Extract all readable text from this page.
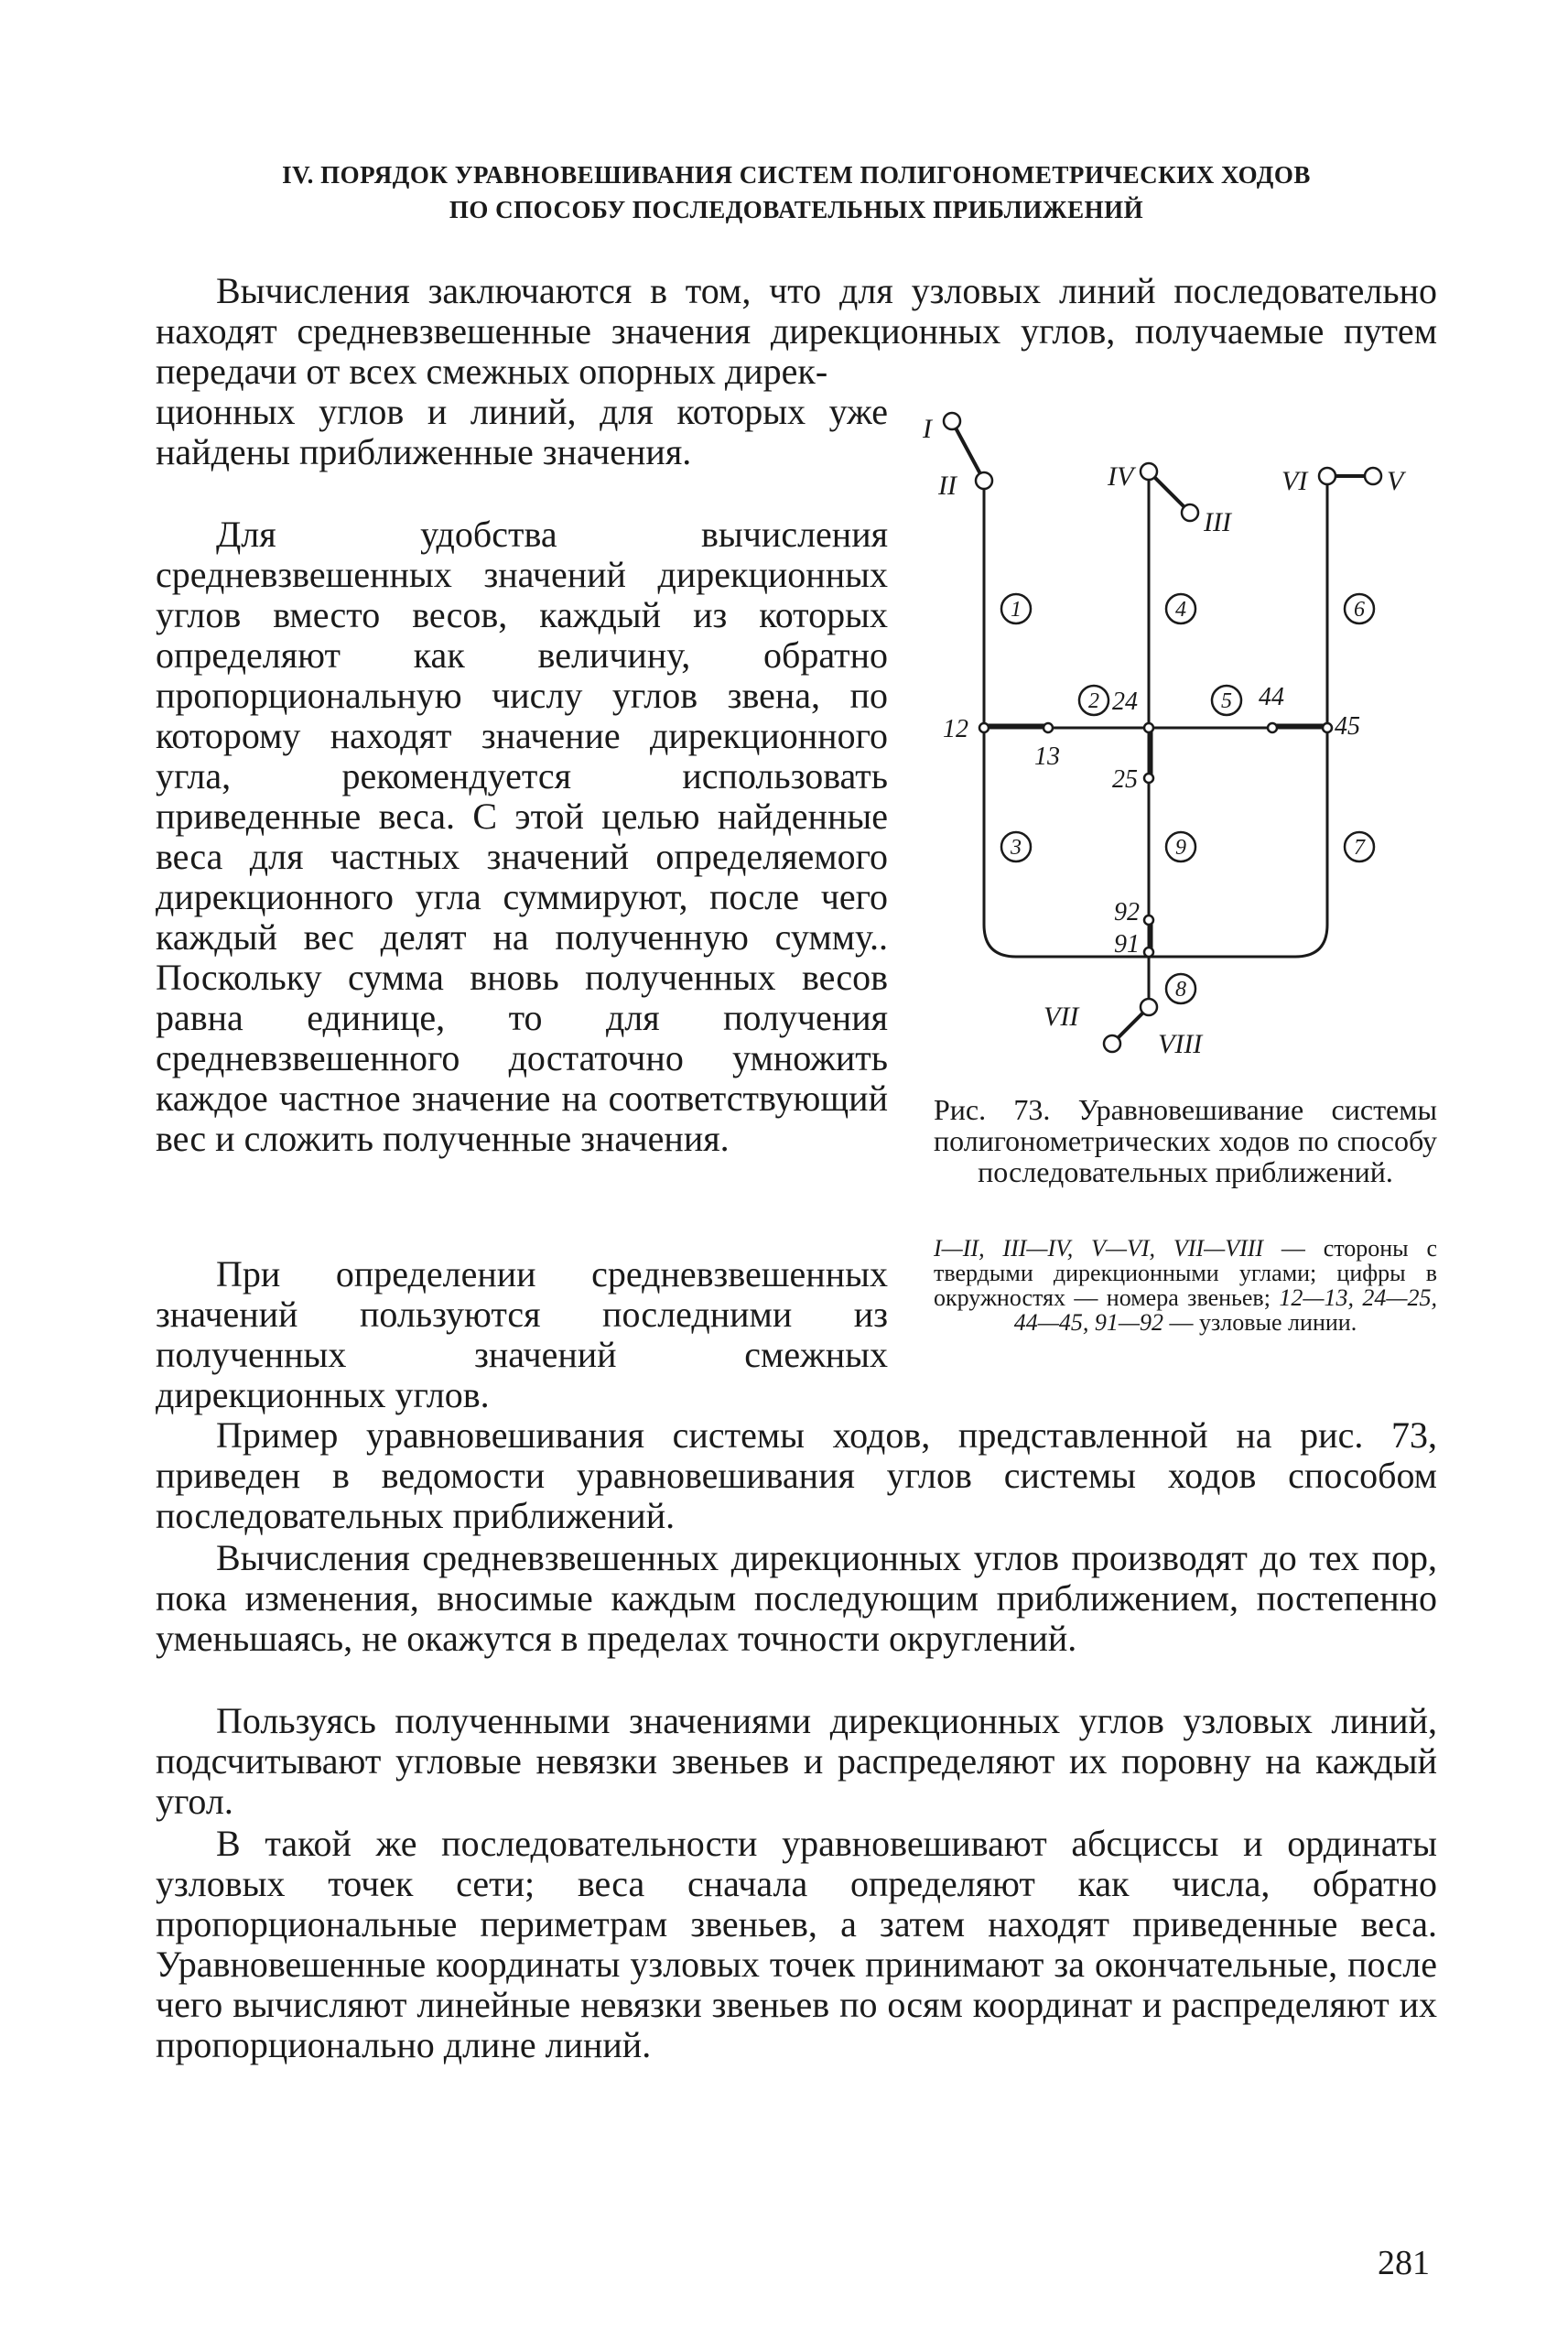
IV. ПОРЯДОК УРАВНОВЕШИВАНИЯ СИСТЕМ ПОЛИГОНОМЕТРИЧЕСКИХ ХОДОВ
ПО СПОСОБУ ПОСЛЕДОВАТЕЛЬНЫХ ПРИБЛИЖЕНИЙ

Вычисления заключаются в том, что для узловых линий последовательно находят средневзвешенные значения дирекционных углов, получаемые путем передачи от всех смежных опорных дирек-

ционных углов и линий, для которых уже найдены приближенные значения.

Для удобства вычисления средневзвешенных значений дирекционных углов вместо весов, каждый из которых определяют как величину, обратно пропорциональную числу углов звена, по которому находят значение дирекционного угла, рекомендуется использовать приведенные веса. С этой целью найденные веса для частных значений определяемого дирекционного угла суммируют, после чего каждый вес делят на полученную сумму.. Поскольку сумма вновь полученных весов равна единице, то для получения средневзвешенного достаточно умножить каждое частное значение на соответствующий вес и сложить полученные значения.

При определении средневзвешенных значений пользуются последними из полученных значений смежных дирекционных углов.

Пример уравновешивания системы ходов, представленной на рис. 73, приведен в ведомости уравновешивания углов системы ходов способом последовательных приближений.

Вычисления средневзвешенных дирекционных углов производят до тех пор, пока изменения, вносимые каждым последующим приближением, постепенно уменьшаясь, не окажутся в пределах точности округлений.

Пользуясь полученными значениями дирекционных углов узловых линий, подсчитывают угловые невязки звеньев и распределяют их поровну на каждый угол.

В такой же последовательности уравновешивают абсциссы и ординаты узловых точек сети; веса сначала определяют как числа, обратно пропорциональные периметрам звеньев, а затем находят приведенные веса. Уравновешенные координаты узловых точек принимают за окончательные, после чего вычисляют линейные невязки звеньев по осям координат и распределяют их пропорционально длине линий.

1	4	6
2	5
3	9	7
8
I
II	IV
III
VI	V
VII
VIII
12
13
24
25
44
45
92
91
Рис. 73. Уравновешивание системы полигонометрических ходов по способу последовательных приближений.
I—II, III—IV, V—VI, VII—VIII — стороны с твердыми дирекционными углами; цифры в окружностях — номера звеньев; 12—13, 24—25, 44—45, 91—92 — узловые линии.
281
